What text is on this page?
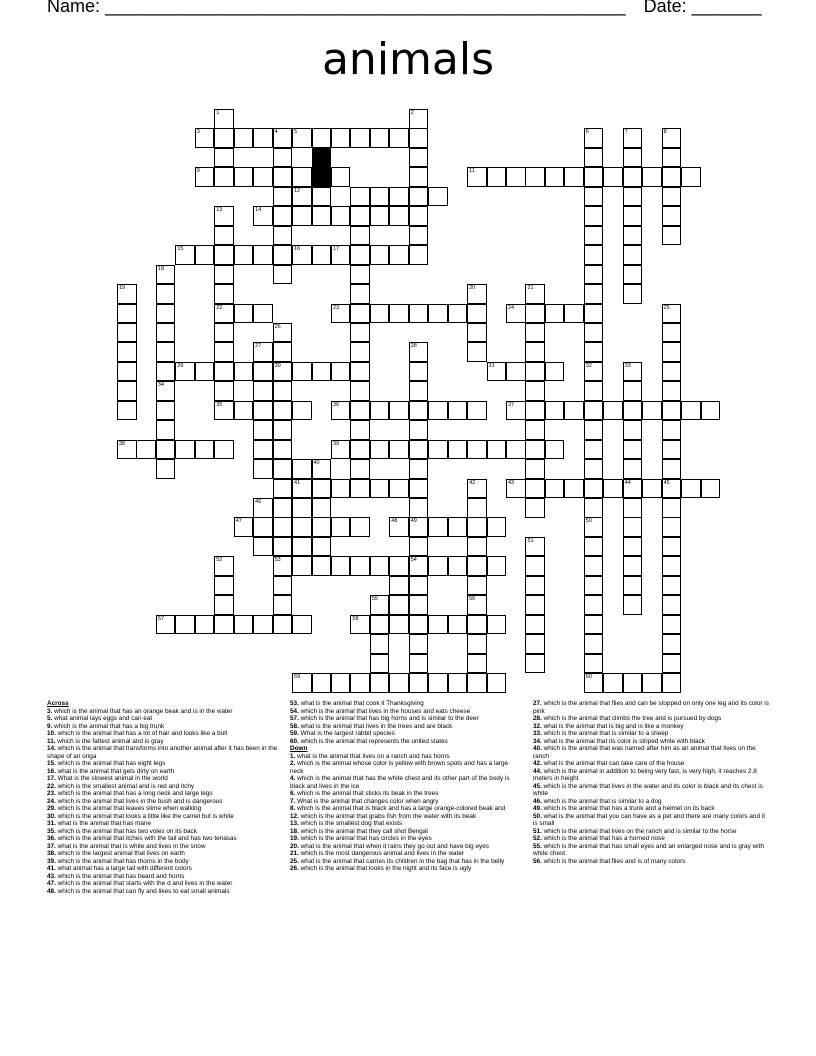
Name: ____________________________________________________ Date: _______
animals
3	5
9	10	11
14
15	16	17
22	23	24
29	30	31
35	36	37
38	39
41	43	44	45
47	48 49
53	54
57	58
59	60
1	2
4	6
32
7	8
13
18
34
19	20	21
25
26
27	28
50
33
40
42
56
46
51
52
55
12
Across
3. which is the animal that has an orange beak and is in the water
5. what animal lays eggs and can eat
9. which is the animal that has a big trunk
10. which is the animal that has a lot of hair and looks like a bull
11. which is the fattest animal and is gray
14. which is the animal that transforms into another animal after it has been in the shape of an origa
15. which is the animal that has eight legs
16. what is the animal that gets dirty on earth
17. What is the slowest animal in the world
22. which is the smallest animal and is red and itchy
23. which is the animal that has a long neck and large legs
24. which is the animal that lives in the bush and is dangerous
29. which is the animal that leaves slime when walking
30. which is the animal that looks a little like the camel but is white
31. what is the animal that has mane
35. which is the animal that has two voles on its back
36. which is the animal that itches with the tail and has two tenasas
37. what is the animal that is white and lives in the snow
38. which is the largest animal that lives on earth
39. which is the animal that has thorns in the body
41. what animal has a large tail with different colors
43. which is the animal that has beard and horns
47. which is the animal that starts with the d and lives in the water
48. which is the animal that can fly and likes to eat small animals
53. what is the animal that cook it Thanksgiving
54. which is the animal that lives in the houses and eats cheese
57. which is the animal that has big horns and is similar to the deer
58. what is the animal that lives in the trees and are black
59. What is the largest rabbit species
60. which is the animal that represents the united states
Down
1. what is the animal that lives on a ranch and has horns
2. which is the animal whose color is yellow with brown spots and has a large neck
4. which is the animal that has the white chest and its other part of the body is black and lives in the ice
6. which is the animal that sticks its beak in the trees
7. What is the animal that changes color when angry
8. which is the animal that is black and has a large orange-colored beak and
12. which is the animal that grabs fish from the water with its beak
13. which is the smallest dog that exists
18. which is the animal that they call shot Bengal
19. which is the animal that has circles in the eyes
20. what is the animal that when it rains they go out and have big eyes
21. which is the most dangerous animal and lives in the water
25. what is the animal that carries its children in the bag that has in the belly
26. which is the animal that looks in the night and its face is ugly
27. which is the animal that flies and can be stopped on only one leg and its color is pink
28. which is the animal that climbs the tree and is pursued by dogs
32. what is the animal that is big and is like a monkey
33. which is the animal that is similar to a sheep
34. what is the animal that its color is striped white with black
40. which is the animal that was named after him as an animal that lives on the ranch
42. what is the animal that can take care of the house
44. which is the animal in addition to being very fast, is very high, it reaches 2.8 meters in height
45. which is the animal that lives in the water and its color is black and its chest is white
46. which is the animal that is similar to a dog
49. which is the animal that has a trunk and a helmet on its back
50. what is the animal that you can have as a pet and there are many colors and it is small
51. which is the animal that lives on the ranch and is similar to the horse
52. which is the animal that has a horned nose
55. which is the animal that has small eyes and an enlarged nose and is gray with white chest
56. which is the animal that flies and is of many colors
